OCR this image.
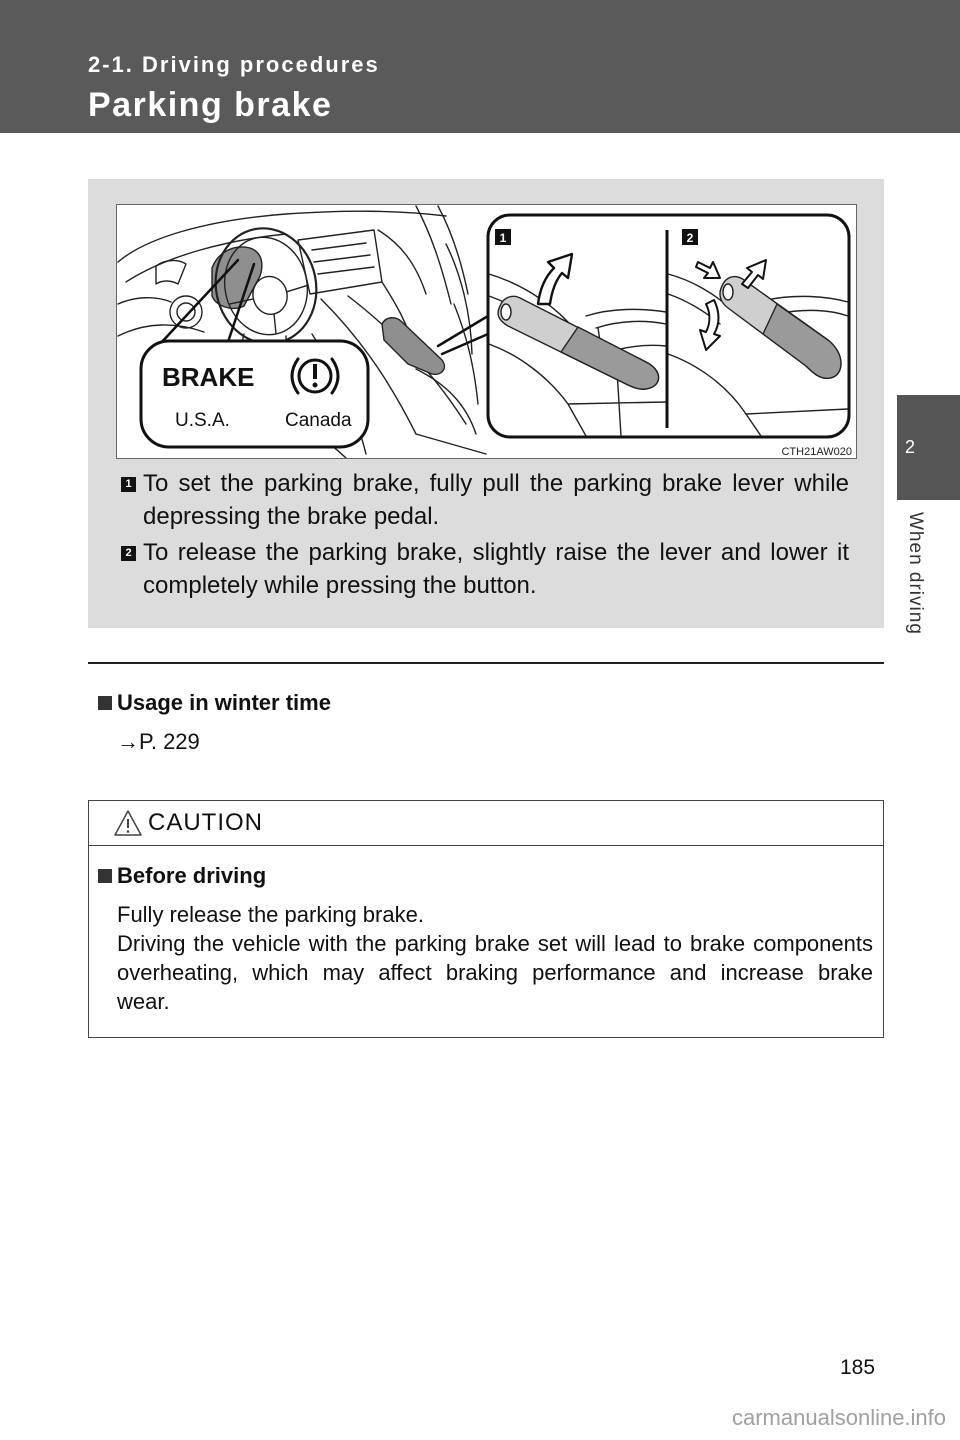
2-1. Driving procedures
Parking brake
2
When driving
BRAKE
U.S.A.	Canada
1	2
CTH21AW020
1 To set the parking brake, fully pull the parking brake lever while
depressing the brake pedal.
2 To release the parking brake, slightly raise the lever and lower it
completely while pressing the button.
Usage in winter time
→P. 229
CAUTION
Before driving
Fully release the parking brake.
Driving the vehicle with the parking brake set will lead to brake components
overheating, which may affect braking performance and increase brake
wear.
185
carmanualsonline.info
